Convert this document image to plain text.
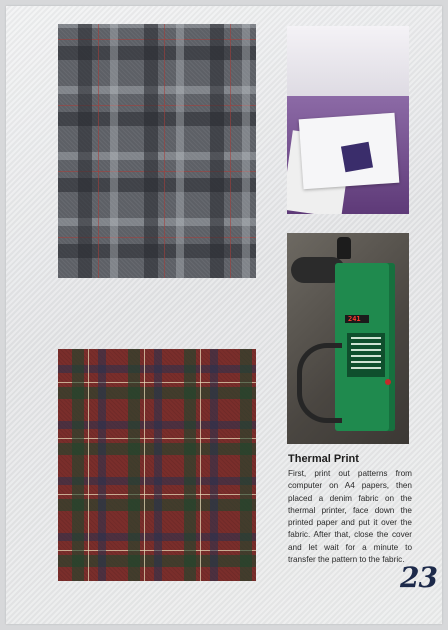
241
Thermal Print

First, print out patterns from computer on A4 papers, then placed a denim fabric on the thermal printer, face down the printed paper and put it over the fabric. After that, close the cover and let wait for a minute to transfer the pattern to the fabric.

23
